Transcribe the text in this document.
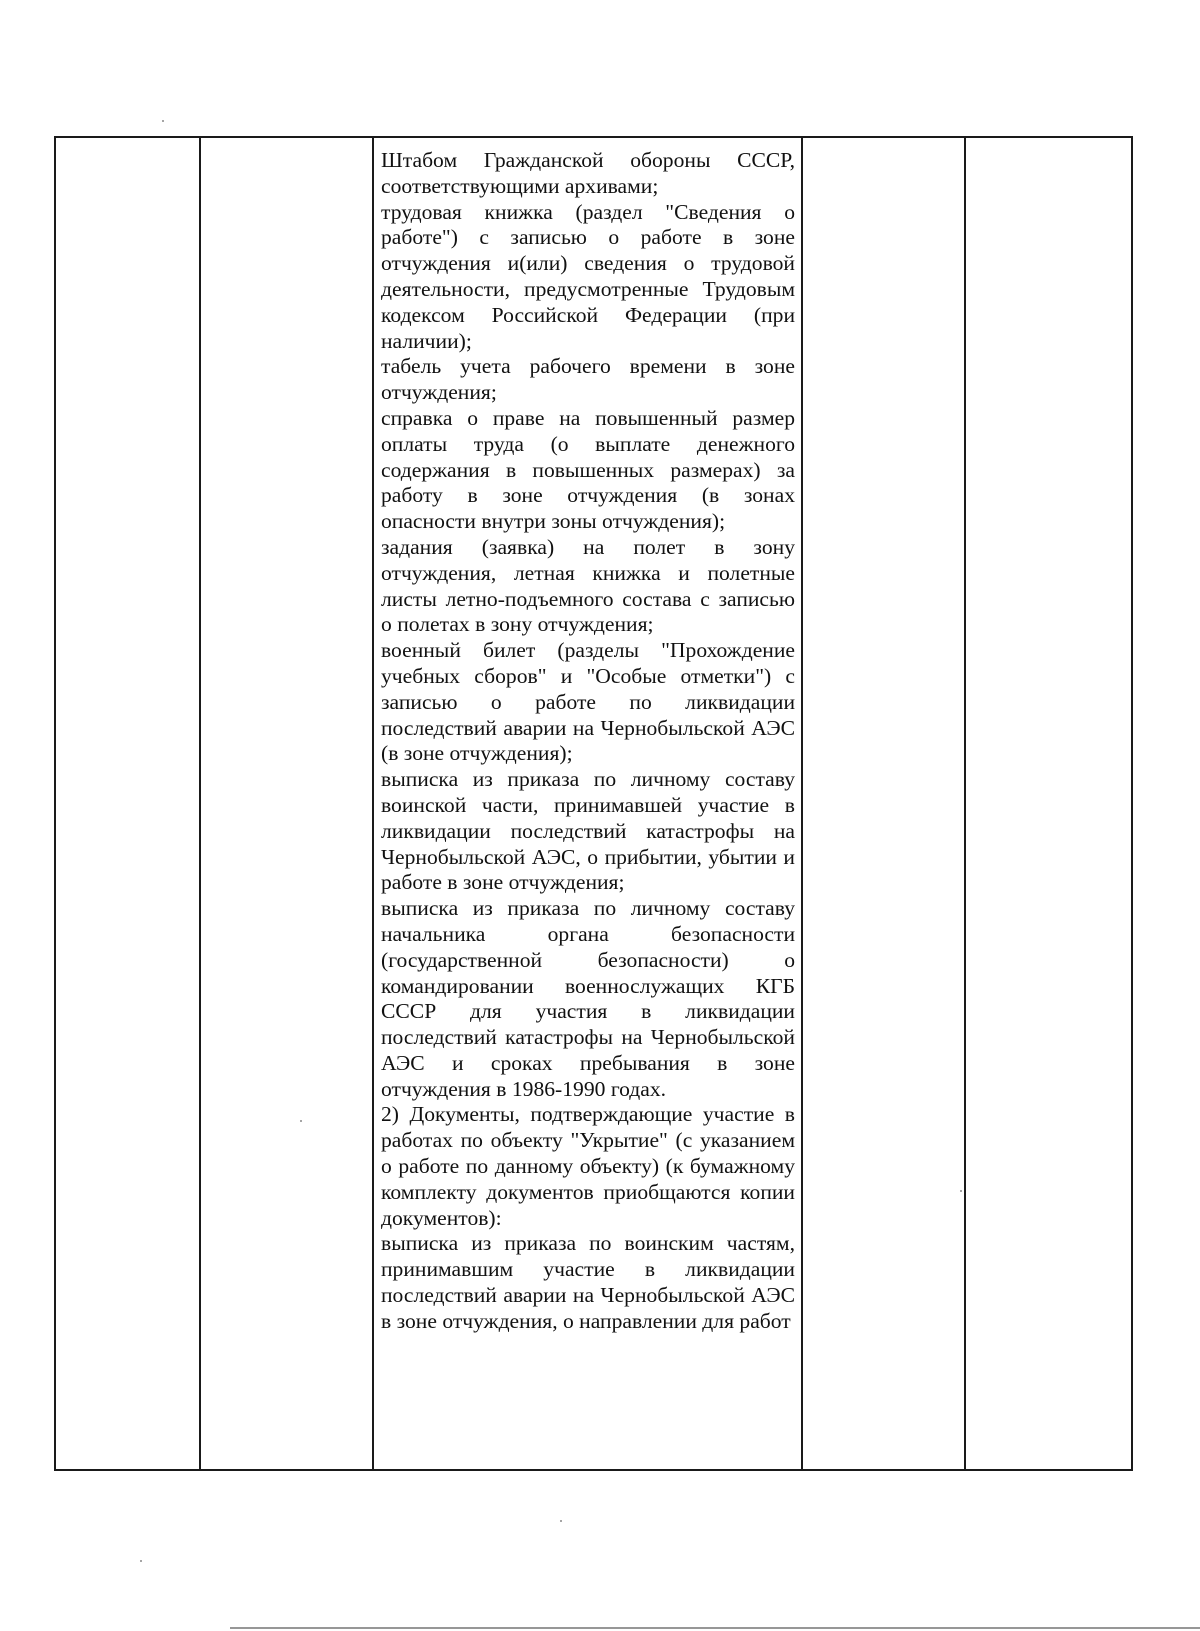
Штабом Гражданской обороны СССР, соответствующими архивами;

трудовая книжка (раздел "Сведения о работе") с записью о работе в зоне отчуждения и(или) сведения о трудовой деятельности, предусмотренные Трудовым кодексом Российской Федерации (при наличии);

табель учета рабочего времени в зоне отчуждения;

справка о праве на повышенный размер оплаты труда (о выплате денежного содержания в повышенных размерах) за работу в зоне отчуждения (в зонах опасности внутри зоны отчуждения);

задания (заявка) на полет в зону отчуждения, летная книжка и полетные листы летно-подъемного состава с записью о полетах в зону отчуждения;

военный билет (разделы "Прохождение учебных сборов" и "Особые отметки") с записью о работе по ликвидации последствий аварии на Чернобыльской АЭС (в зоне отчуждения);

выписка из приказа по личному составу воинской части, принимавшей участие в ликвидации последствий катастрофы на Чернобыльской АЭС, о прибытии, убытии и работе в зоне отчуждения;

выписка из приказа по личному составу начальника органа безопасности (государственной безопасности) о командировании военнослужащих КГБ СССР для участия в ликвидации последствий катастрофы на Чернобыльской АЭС и сроках пребывания в зоне отчуждения в 1986-1990 годах.

2) Документы, подтверждающие участие в работах по объекту "Укрытие" (с указанием о работе по данному объекту) (к бумажному комплекту документов приобщаются копии документов):

выписка из приказа по воинским частям, принимавшим участие в ликвидации последствий аварии на Чернобыльской АЭС в зоне отчуждения, о направлении для работ
